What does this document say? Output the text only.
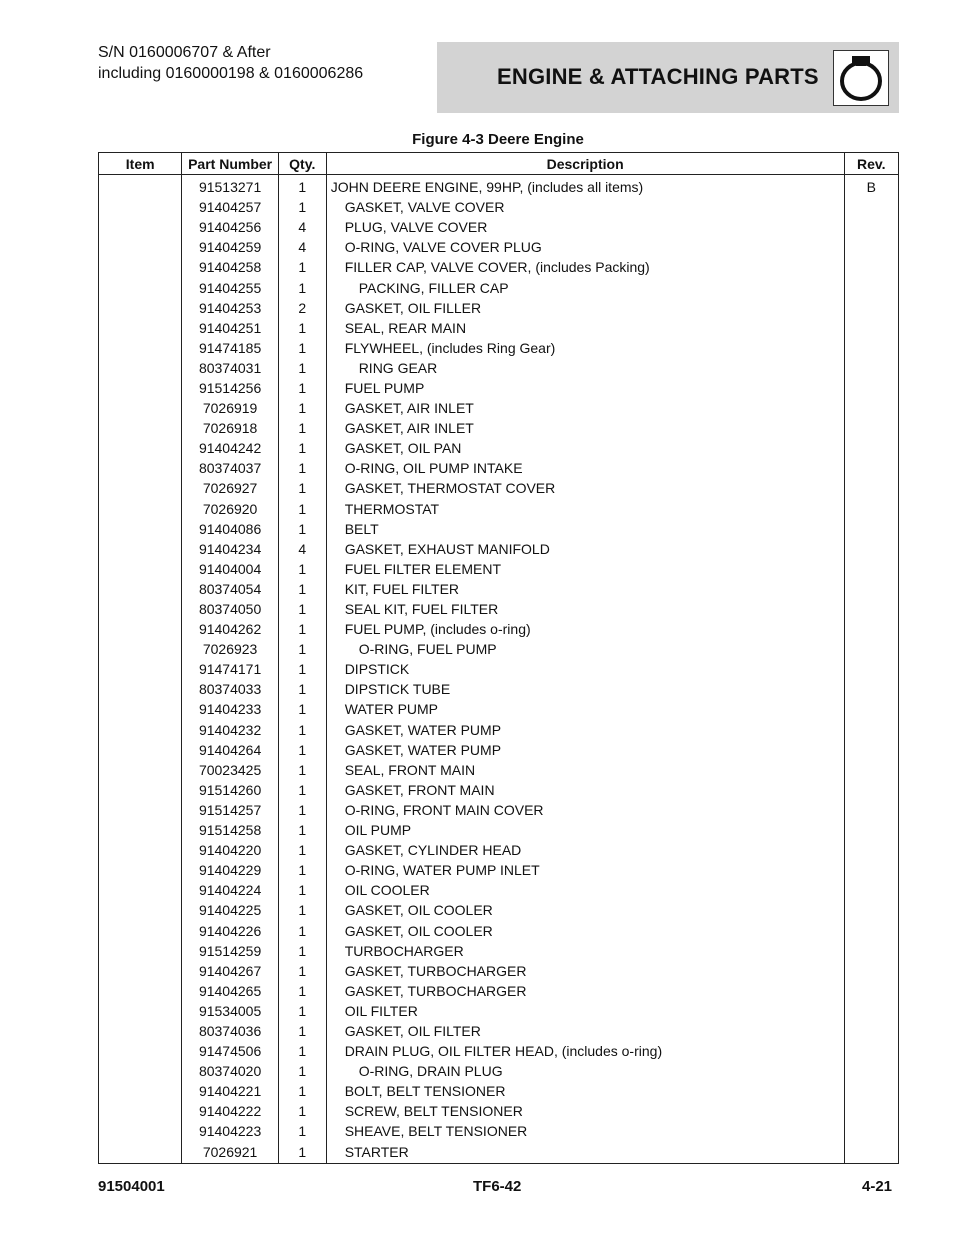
S/N 0160006707 & After
including 0160000198 & 0160006286	ENGINE & ATTACHING PARTS
Figure 4-3 Deere Engine
Item	Part Number	Qty.	Description	Rev.
	91513271	1	JOHN DEERE ENGINE, 99HP, (includes all items)	B
	91404257	1	GASKET, VALVE COVER	
	91404256	4	PLUG, VALVE COVER	
	91404259	4	O-RING, VALVE COVER PLUG	
	91404258	1	FILLER CAP, VALVE COVER, (includes Packing)	
	91404255	1	PACKING, FILLER CAP	
	91404253	2	GASKET, OIL FILLER	
	91404251	1	SEAL, REAR MAIN	
	91474185	1	FLYWHEEL, (includes Ring Gear)	
	80374031	1	RING GEAR	
	91514256	1	FUEL PUMP	
	7026919	1	GASKET, AIR INLET	
	7026918	1	GASKET, AIR INLET	
	91404242	1	GASKET, OIL PAN	
	80374037	1	O-RING, OIL PUMP INTAKE	
	7026927	1	GASKET, THERMOSTAT COVER	
	7026920	1	THERMOSTAT	
	91404086	1	BELT	
	91404234	4	GASKET, EXHAUST MANIFOLD	
	91404004	1	FUEL FILTER ELEMENT	
	80374054	1	KIT, FUEL FILTER	
	80374050	1	SEAL KIT, FUEL FILTER	
	91404262	1	FUEL PUMP, (includes o-ring)	
	7026923	1	O-RING, FUEL PUMP	
	91474171	1	DIPSTICK	
	80374033	1	DIPSTICK TUBE	
	91404233	1	WATER PUMP	
	91404232	1	GASKET, WATER PUMP	
	91404264	1	GASKET, WATER PUMP	
	70023425	1	SEAL, FRONT MAIN	
	91514260	1	GASKET, FRONT MAIN	
	91514257	1	O-RING, FRONT MAIN COVER	
	91514258	1	OIL PUMP	
	91404220	1	GASKET, CYLINDER HEAD	
	91404229	1	O-RING, WATER PUMP INLET	
	91404224	1	OIL COOLER	
	91404225	1	GASKET, OIL COOLER	
	91404226	1	GASKET, OIL COOLER	
	91514259	1	TURBOCHARGER	
	91404267	1	GASKET, TURBOCHARGER	
	91404265	1	GASKET, TURBOCHARGER	
	91534005	1	OIL FILTER	
	80374036	1	GASKET, OIL FILTER	
	91474506	1	DRAIN PLUG, OIL FILTER HEAD, (includes o-ring)	
	80374020	1	O-RING, DRAIN PLUG	
	91404221	1	BOLT, BELT TENSIONER	
	91404222	1	SCREW, BELT TENSIONER	
	91404223	1	SHEAVE, BELT TENSIONER	
	7026921	1	STARTER	
91504001	TF6-42	4-21
